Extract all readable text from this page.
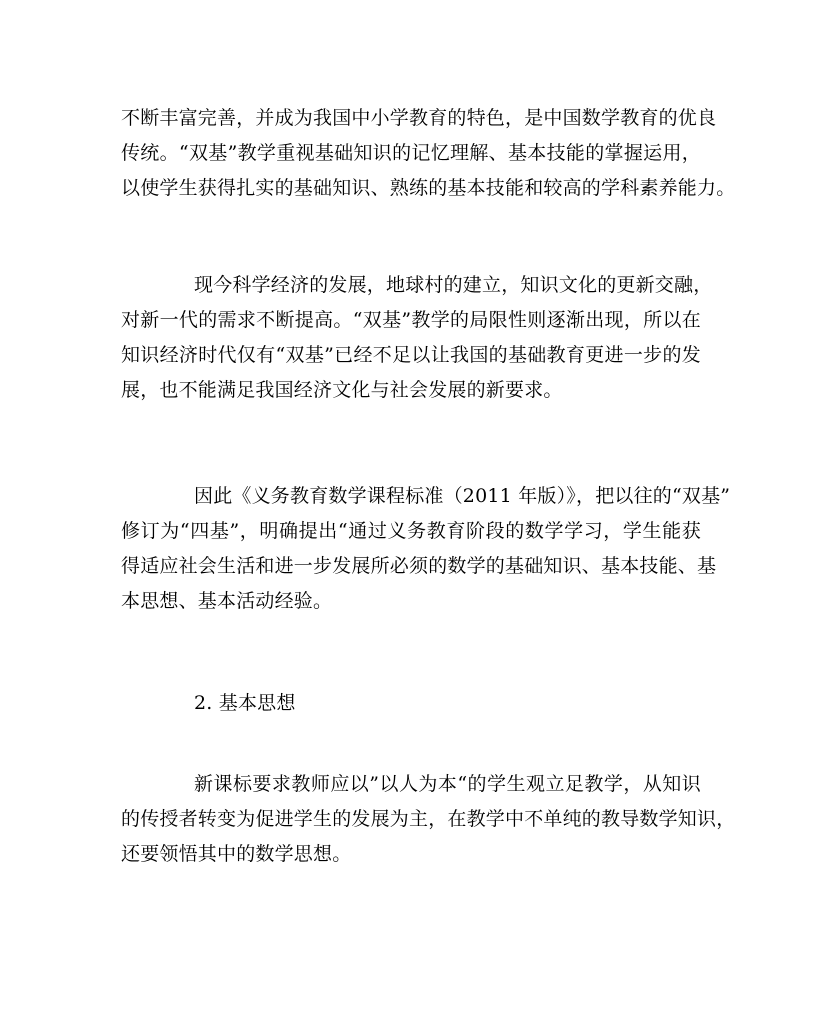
不断丰富完善，并成为我国中小学教育的特色，是中国数学教育的优良
传统。“双基”教学重视基础知识的记忆理解、基本技能的掌握运用，
以使学生获得扎实的基础知识、熟练的基本技能和较高的学科素养能力。
现今科学经济的发展，地球村的建立，知识文化的更新交融，
对新一代的需求不断提高。“双基”教学的局限性则逐渐出现，所以在
知识经济时代仅有“双基”已经不足以让我国的基础教育更进一步的发
展，也不能满足我国经济文化与社会发展的新要求。
因此《义务教育数学课程标准（2011 年版）》，把以往的“双基”
修订为“四基”，明确提出“通过义务教育阶段的数学学习，学生能获
得适应社会生活和进一步发展所必须的数学的基础知识、基本技能、基
本思想、基本活动经验。
2. 基本思想
新课标要求教师应以”以人为本“的学生观立足教学，从知识
的传授者转变为促进学生的发展为主，在教学中不单纯的教导数学知识，
还要领悟其中的数学思想。
